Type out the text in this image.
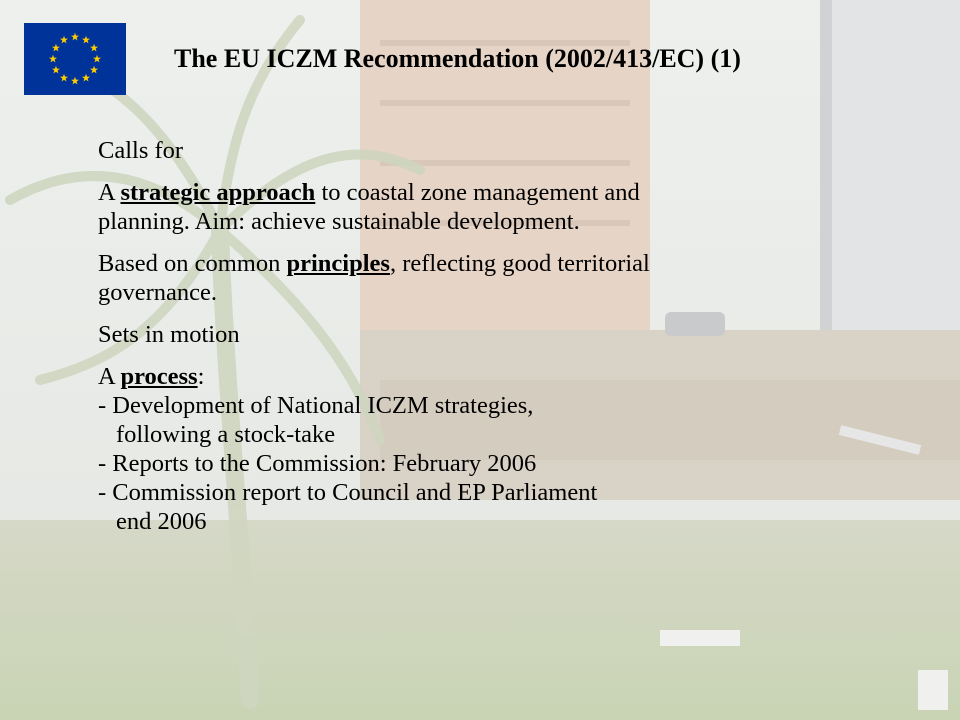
The EU ICZM Recommendation (2002/413/EC) (1)

Calls for

A strategic approach to coastal zone management and
planning. Aim: achieve sustainable development.

Based on common principles, reflecting good territorial
governance.

Sets in motion

A process:
- Development of National ICZM strategies,
following a stock-take
- Reports to the Commission: February 2006
- Commission report to Council and EP Parliament
end 2006
